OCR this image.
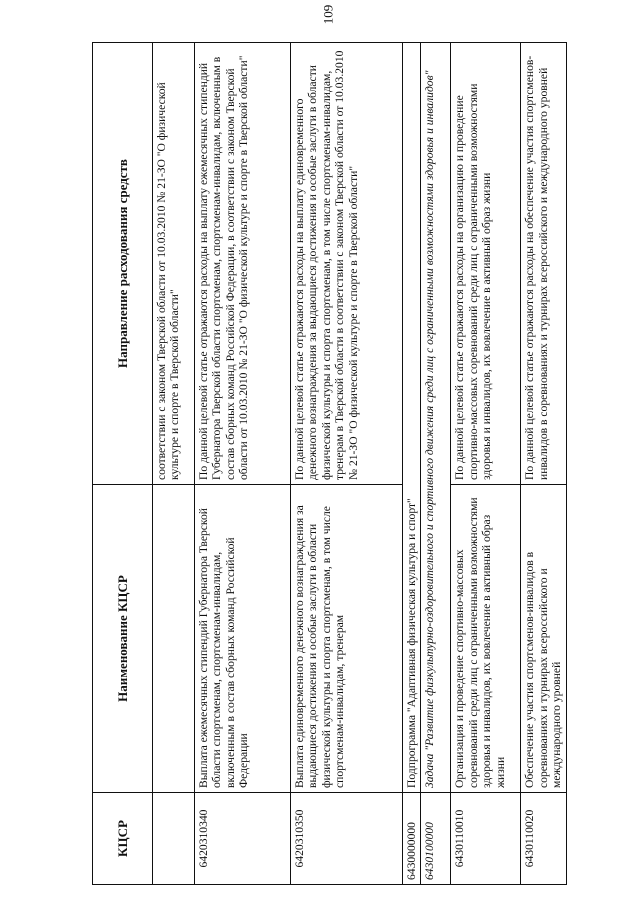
109
КЦСР	Наименование КЦСР	Направление расходования средств
		соответствии с законом Тверской области от 10.03.2010 № 21-ЗО "О физической культуре и спорте в Тверской области"
6420310340	Выплата ежемесячных стипендий Губернатора Тверской области спортсменам, спортсменам-инвалидам, включенным в состав сборных команд Российской Федерации	По данной целевой статье отражаются расходы на выплату ежемесячных стипендий Губернатора Тверской области спортсменам, спортсменам-инвалидам, включенным в состав сборных команд Российской Федерации, в соответствии с законом Тверской области от 10.03.2010 № 21-ЗО "О физической культуре и спорте в Тверской области"
6420310350	Выплата единовременного денежного вознаграждения за выдающиеся достижения и особые заслуги в области физической культуры и спорта спортсменам, в том числе спортсменам-инвалидам, тренерам	По данной целевой статье отражаются расходы на выплату единовременного денежного вознаграждения за выдающиеся достижения и особые заслуги в области физической культуры и спорта спортсменам, в том числе спортсменам-инвалидам, тренерам в Тверской области в соответствии с законом Тверской области от 10.03.2010 № 21-ЗО "О физической культуре и спорте в Тверской области"
6430000000	Подпрограмма "Адаптивная физическая культура и спорт"	
6430100000	Задача "Развитие физкультурно-оздоровительного и спортивного движения среди лиц с ограниченными возможностями здоровья и инвалидов"	
6430110010	Организация и проведение спортивно-массовых соревнований среди лиц с ограниченными возможностями здоровья и инвалидов, их вовлечение в активный образ жизни	По данной целевой статье отражаются расходы на организацию и проведение спортивно-массовых соревнований среди лиц с ограниченными возможностями здоровья и инвалидов, их вовлечение в активный образ жизни
6430110020	Обеспечение участия спортсменов-инвалидов в соревнованиях и турнирах всероссийского и международного уровней	По данной целевой статье отражаются расходы на обеспечение участия спортсменов-инвалидов в соревнованиях и турнирах всероссийского и международного уровней
